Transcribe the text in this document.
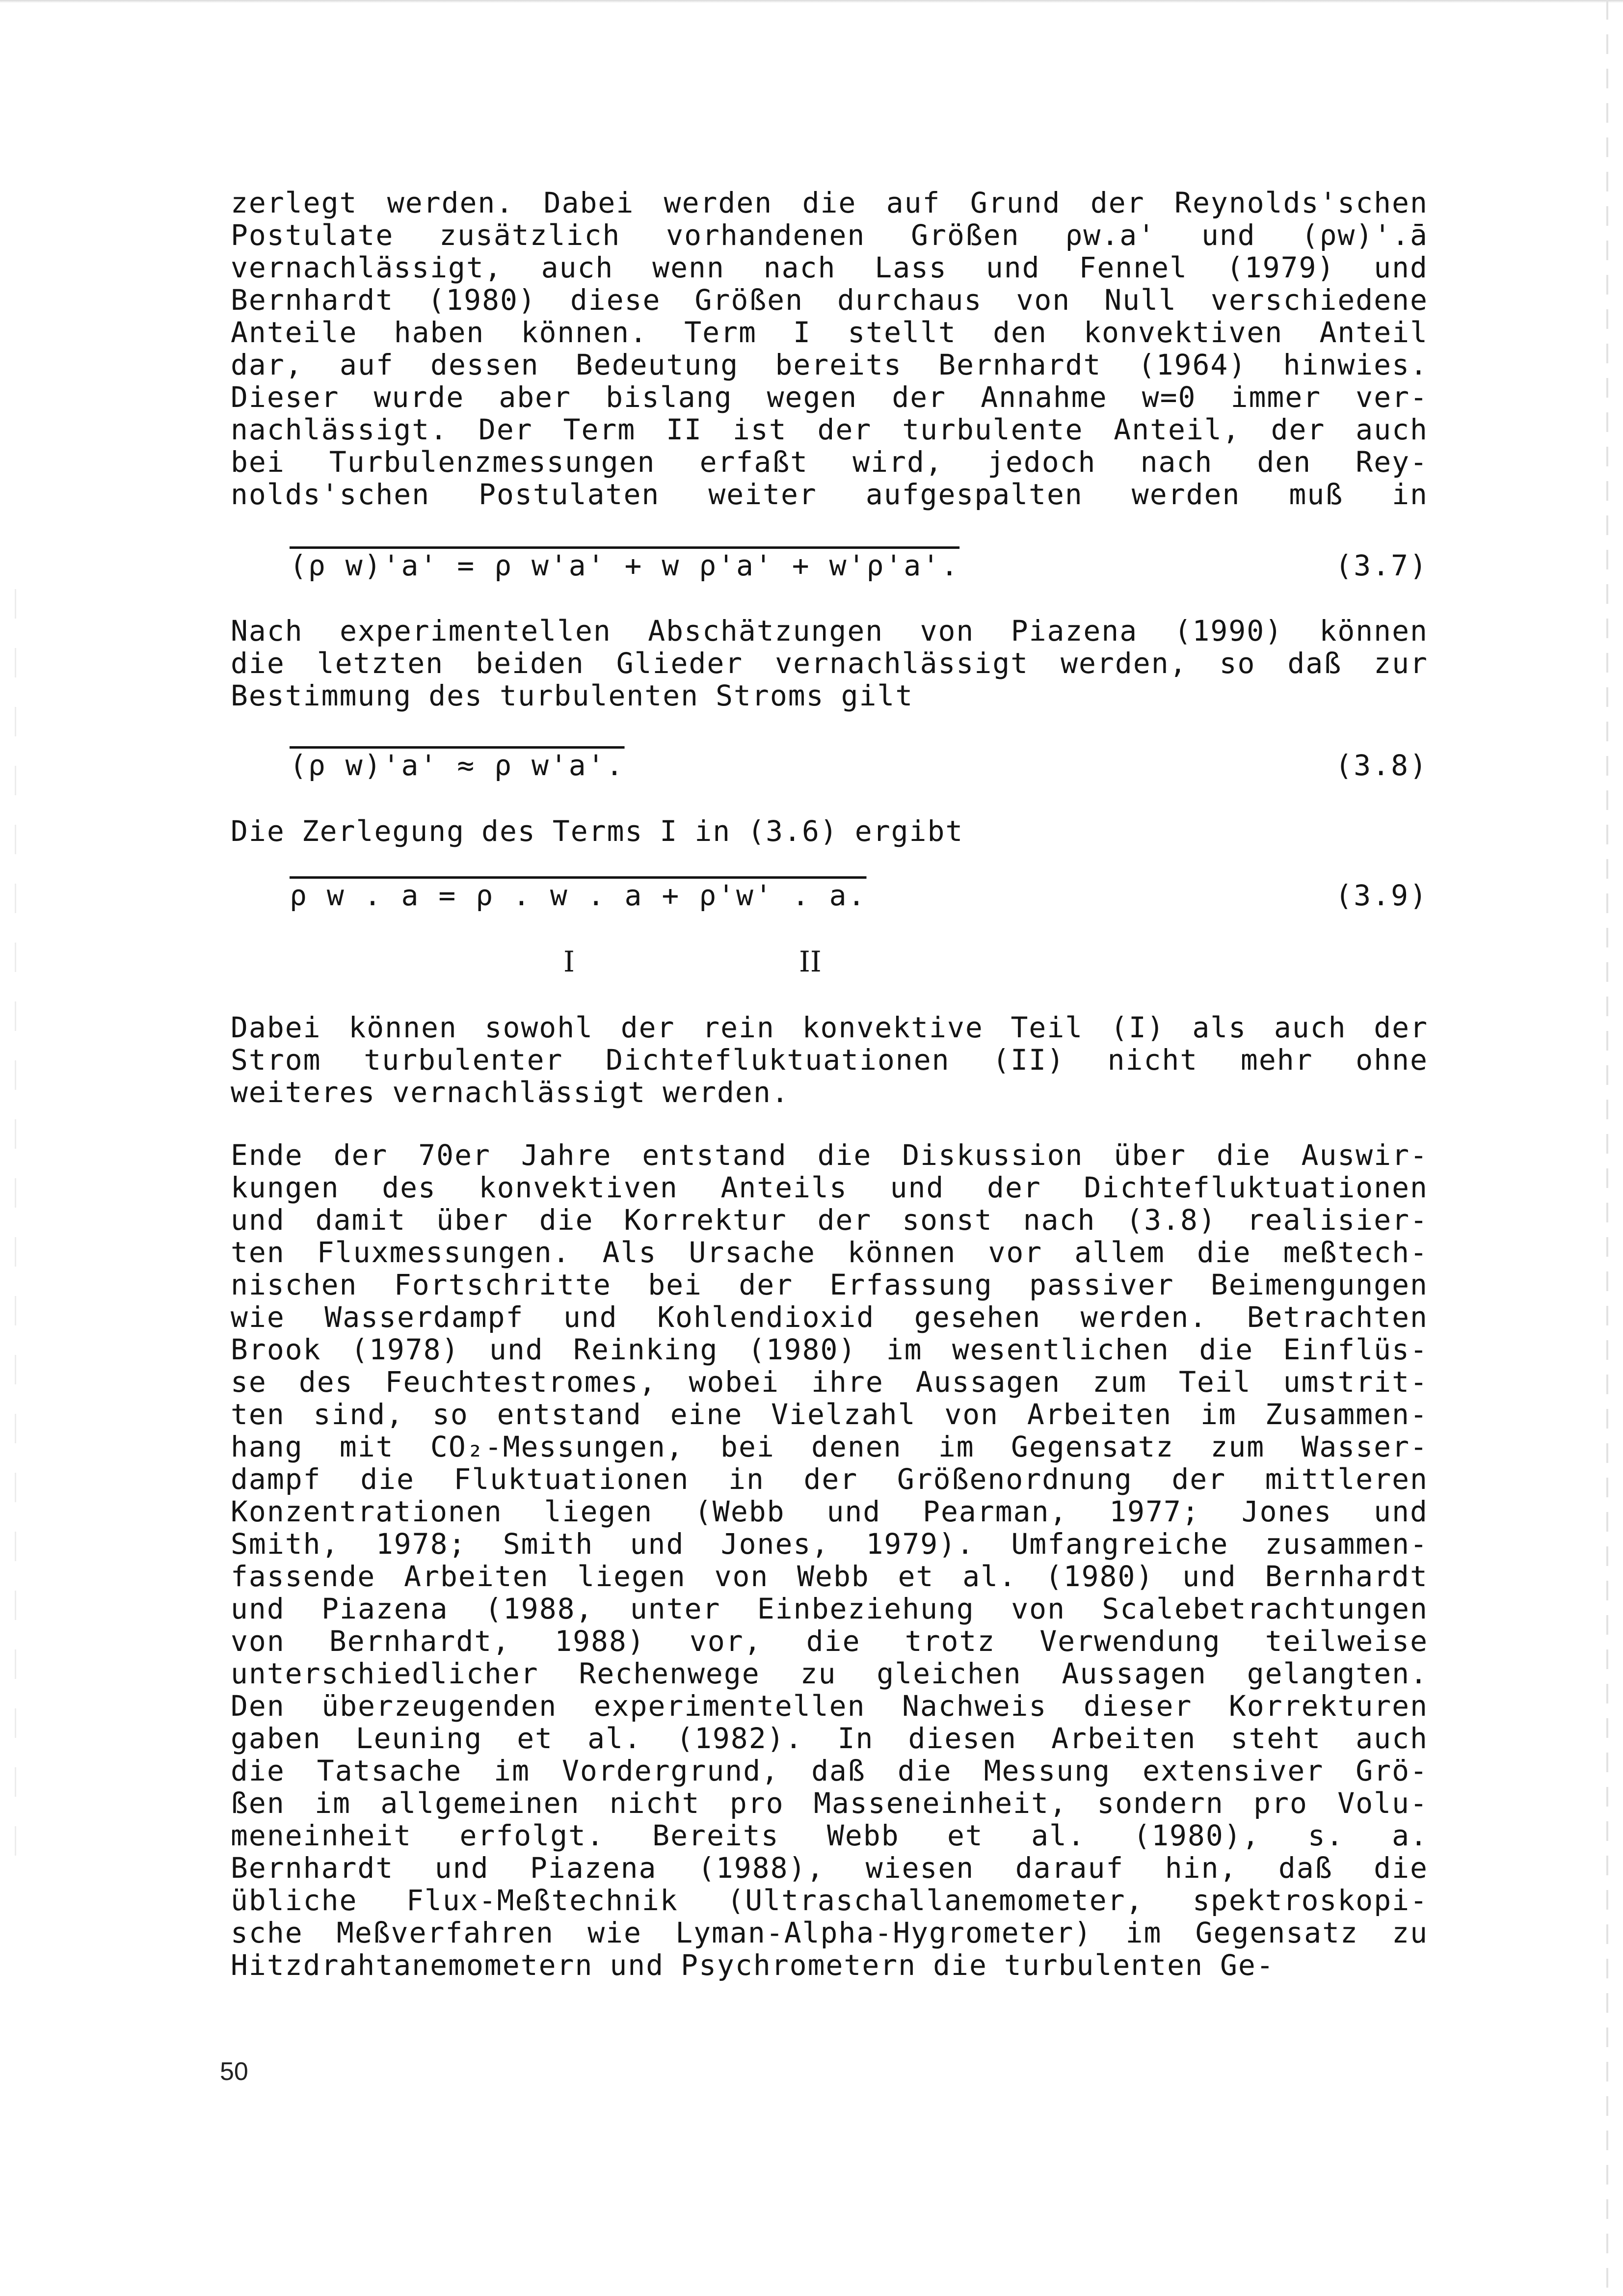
zerlegt werden. Dabei werden die auf Grund der Reynolds'schen
Postulate zusätzlich vorhandenen Größen ρw.a' und (ρw)'.ā
vernachlässigt, auch wenn nach Lass und Fennel (1979) und
Bernhardt (1980) diese Größen durchaus von Null verschiedene
Anteile haben können. Term I stellt den konvektiven Anteil
dar, auf dessen Bedeutung bereits Bernhardt (1964) hinwies.
Dieser wurde aber bislang wegen der Annahme w=0 immer ver-
nachlässigt. Der Term II ist der turbulente Anteil, der auch
bei Turbulenzmessungen erfaßt wird, jedoch nach den Rey-
nolds'schen Postulaten weiter aufgespalten werden muß in

(ρ w)'a' = ρ w'a' + w ρ'a' + w'ρ'a'.

	(3.7)

Nach experimentellen Abschätzungen von Piazena (1990) können
die letzten beiden Glieder vernachlässigt werden, so daß zur
Bestimmung des turbulenten Stroms gilt

(ρ w)'a' ≈ ρ w'a'.

	(3.8)

Die Zerlegung des Terms I in (3.6) ergibt

ρ w . a = ρ . w . a + ρ'w' . a.

	(3.9)

I	II
Dabei können sowohl der rein konvektive Teil (I) als auch der
Strom turbulenter Dichtefluktuationen (II) nicht mehr ohne
weiteres vernachlässigt werden.
Ende der 70er Jahre entstand die Diskussion über die Auswir-
kungen des konvektiven Anteils und der Dichtefluktuationen
und damit über die Korrektur der sonst nach (3.8) realisier-
ten Fluxmessungen. Als Ursache können vor allem die meßtech-
nischen Fortschritte bei der Erfassung passiver Beimengungen
wie Wasserdampf und Kohlendioxid gesehen werden. Betrachten
Brook (1978) und Reinking (1980) im wesentlichen die Einflüs-
se des Feuchtestromes, wobei ihre Aussagen zum Teil umstrit-
ten sind, so entstand eine Vielzahl von Arbeiten im Zusammen-
hang mit CO₂-Messungen, bei denen im Gegensatz zum Wasser-
dampf die Fluktuationen in der Größenordnung der mittleren
Konzentrationen liegen (Webb und Pearman, 1977; Jones und
Smith, 1978; Smith und Jones, 1979). Umfangreiche zusammen-
fassende Arbeiten liegen von Webb et al. (1980) und Bernhardt
und Piazena (1988, unter Einbeziehung von Scalebetrachtungen
von Bernhardt, 1988) vor, die trotz Verwendung teilweise
unterschiedlicher Rechenwege zu gleichen Aussagen gelangten.
Den überzeugenden experimentellen Nachweis dieser Korrekturen
gaben Leuning et al. (1982). In diesen Arbeiten steht auch
die Tatsache im Vordergrund, daß die Messung extensiver Grö-
ßen im allgemeinen nicht pro Masseneinheit, sondern pro Volu-
meneinheit erfolgt. Bereits Webb et al. (1980), s. a.
Bernhardt und Piazena (1988), wiesen darauf hin, daß die
übliche Flux-Meßtechnik (Ultraschallanemometer, spektroskopi-
sche Meßverfahren wie Lyman-Alpha-Hygrometer) im Gegensatz zu
Hitzdrahtanemometern und Psychrometern die turbulenten Ge-
50
